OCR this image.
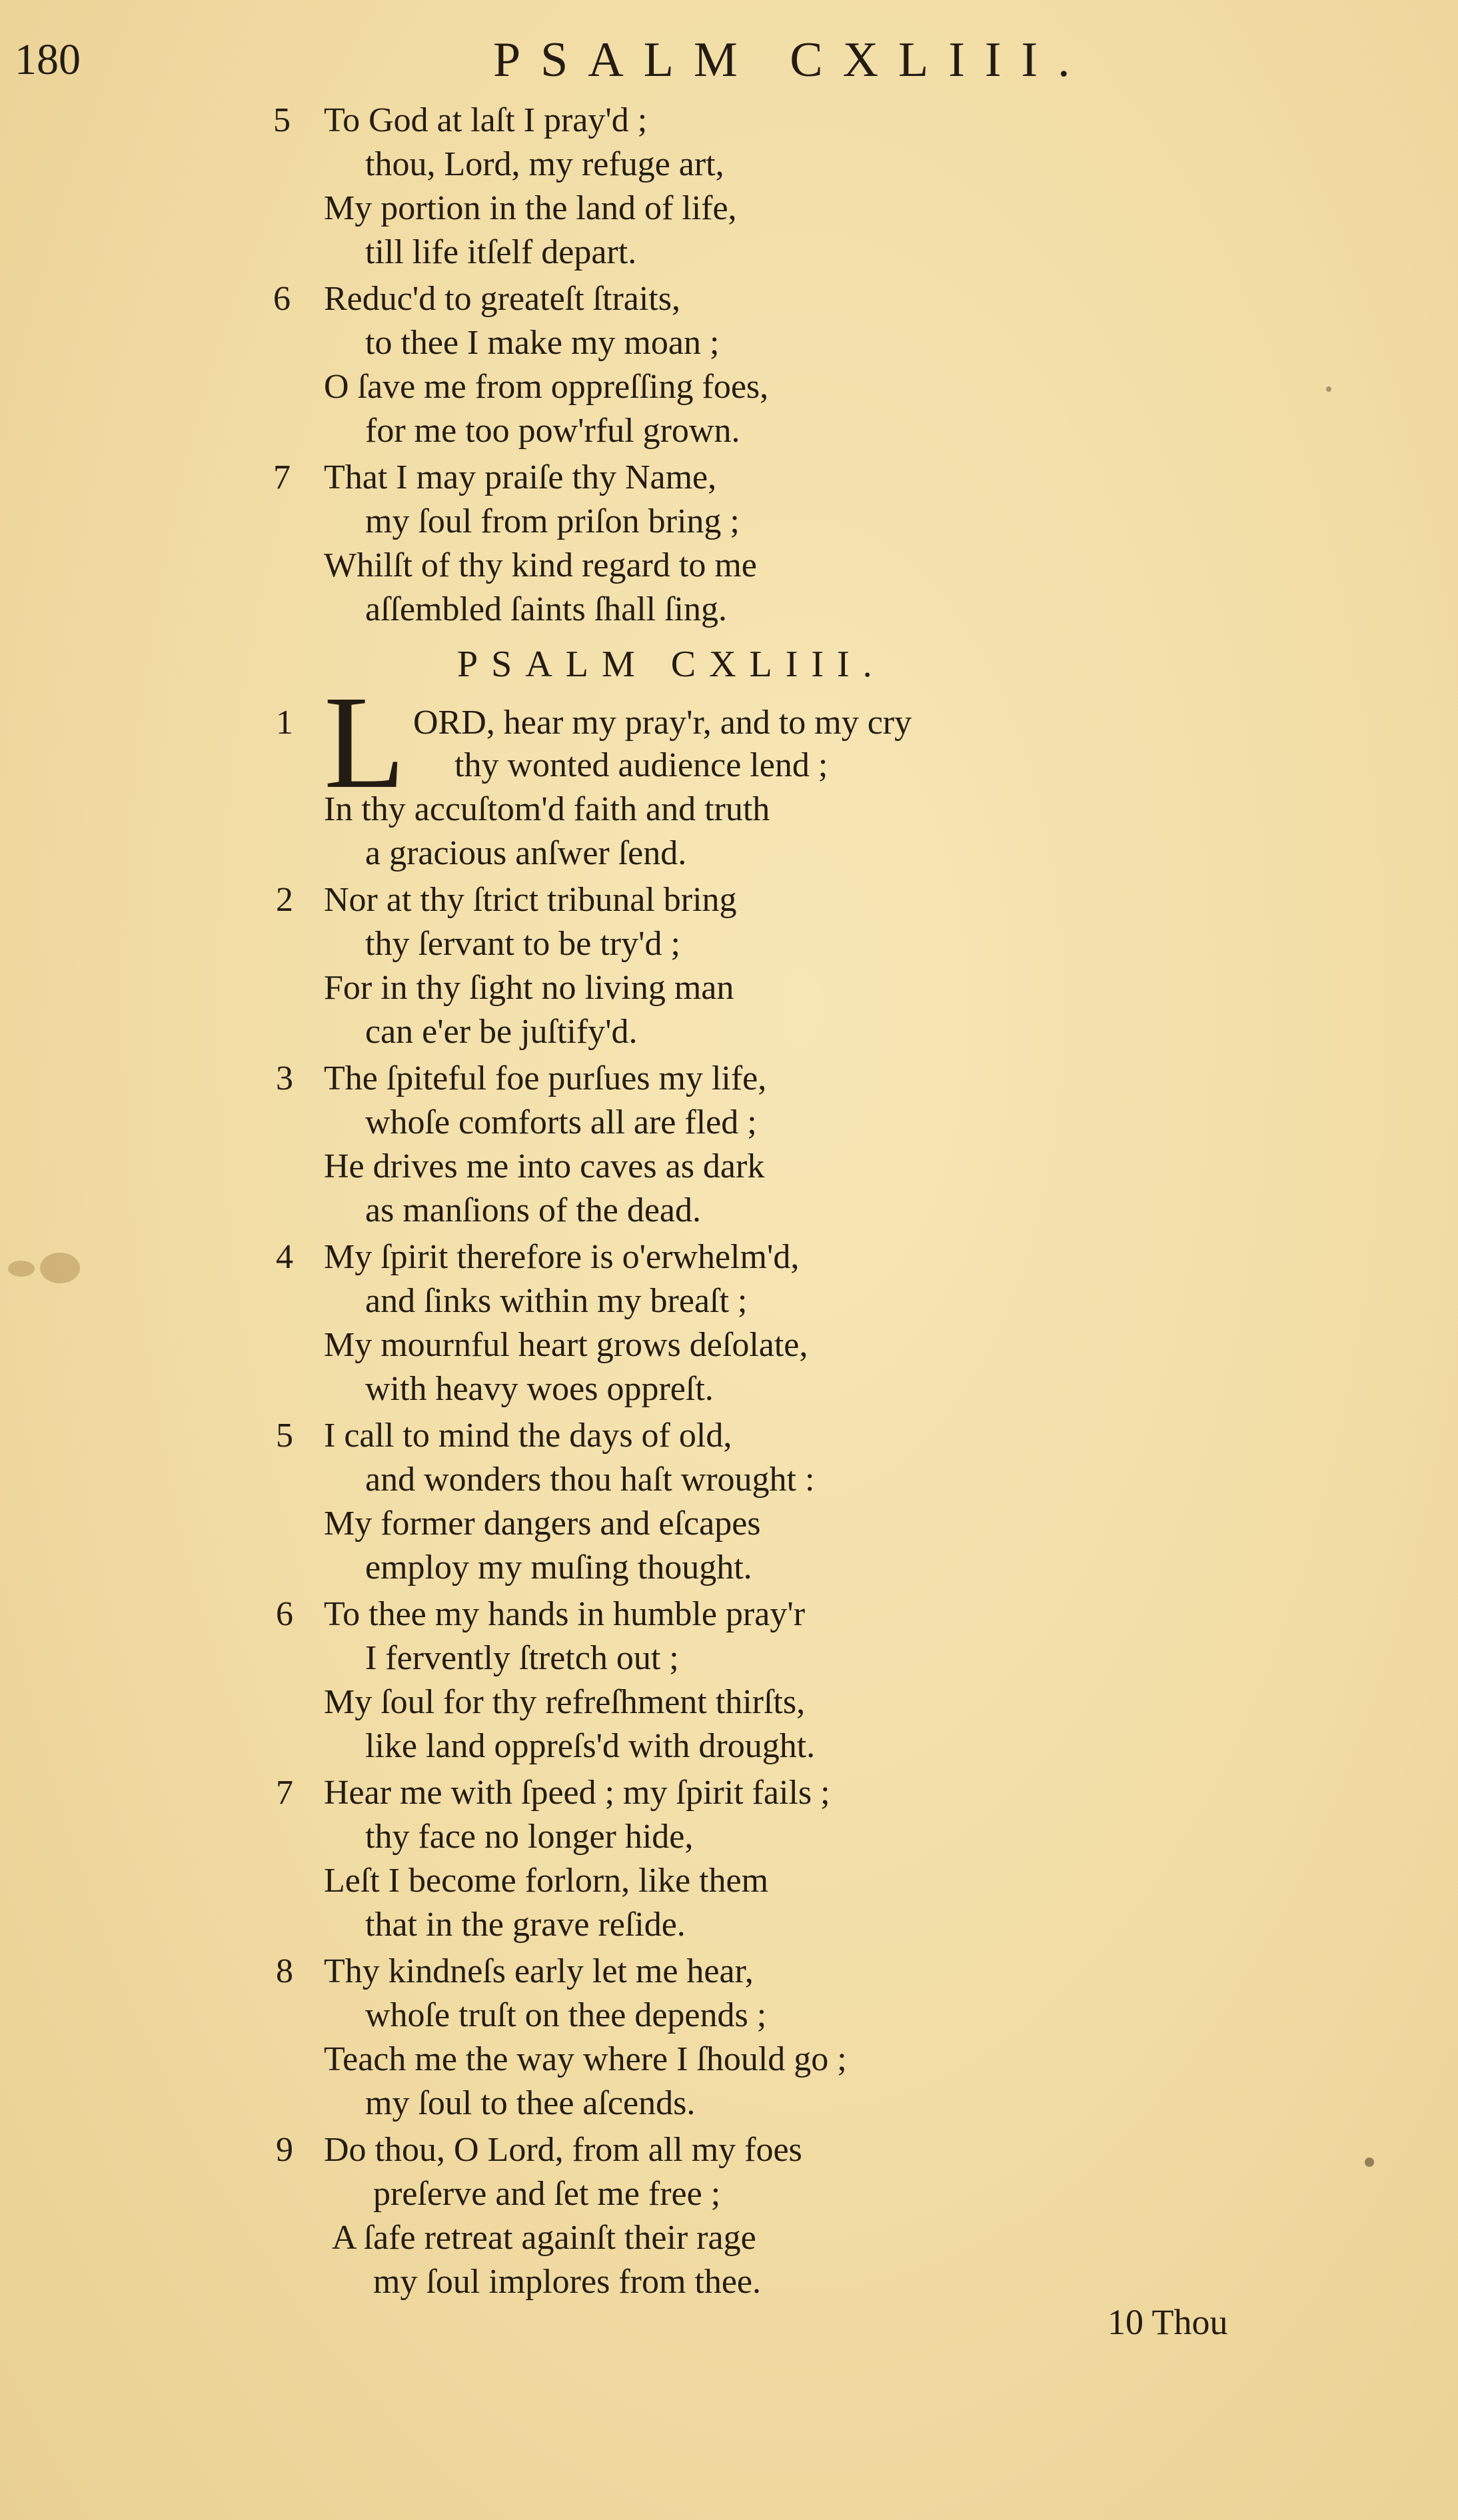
180	PSALM CXLIII.
5 To God at laſt I pray'd ;
thou, Lord, my refuge art,
My portion in the land of life,
till life itſelf depart.
6 Reduc'd to greateſt ſtraits,
to thee I make my moan ;
O ſave me from oppreſſing foes,
for me too pow'rful grown.
7 That I may praiſe thy Name,
my ſoul from priſon bring ;
Whilſt of thy kind regard to me
aſſembled ſaints ſhall ſing.
PSALM CXLIII.
1 L ORD, hear my pray'r, and to my cry
thy wonted audience lend ;
In thy accuſtom'd faith and truth
a gracious anſwer ſend.
2 Nor at thy ſtrict tribunal bring
thy ſervant to be try'd ;
For in thy ſight no living man
can e'er be juſtify'd.
3 The ſpiteful foe purſues my life,
whoſe comforts all are fled ;
He drives me into caves as dark
as manſions of the dead.
4 My ſpirit therefore is o'erwhelm'd,
and ſinks within my breaſt ;
My mournful heart grows deſolate,
with heavy woes oppreſt.
5 I call to mind the days of old,
and wonders thou haſt wrought :
My former dangers and eſcapes
employ my muſing thought.
6 To thee my hands in humble pray'r
I fervently ſtretch out ;
My ſoul for thy refreſhment thirſts,
like land oppreſs'd with drought.
7 Hear me with ſpeed ; my ſpirit fails ;
thy face no longer hide,
Leſt I become forlorn, like them
that in the grave reſide.
8 Thy kindneſs early let me hear,
whoſe truſt on thee depends ;
Teach me the way where I ſhould go ;
my ſoul to thee aſcends.
9 Do thou, O Lord, from all my foes
preſerve and ſet me free ;
A ſafe retreat againſt their rage
my ſoul implores from thee.
10 Thou
